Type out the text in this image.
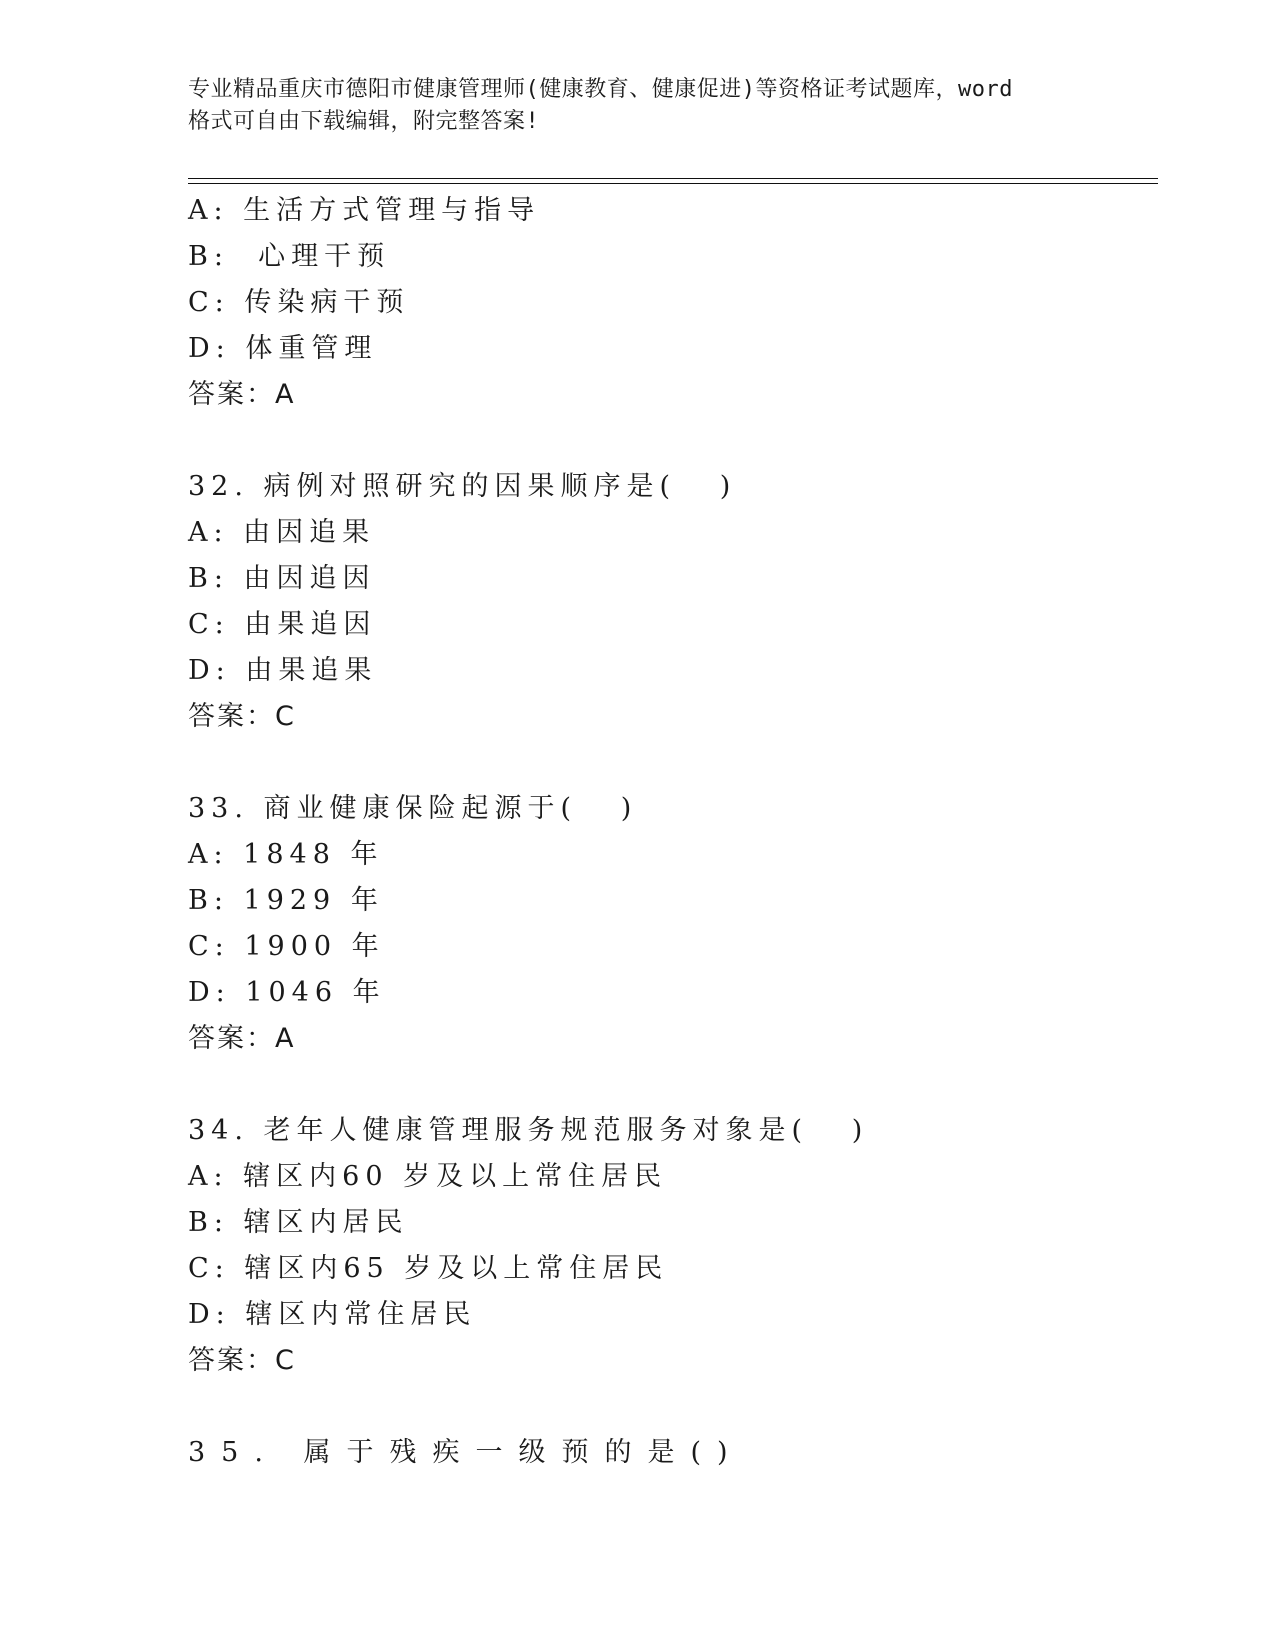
专业精品重庆市德阳市健康管理师(健康教育、健康促进)等资格证考试题库，word
格式可自由下载编辑，附完整答案!
A: 生活方式管理与指导
B:  心理干预
C: 传染病干预
D: 体重管理
答案：A
32. 病例对照研究的因果顺序是(   )
A: 由因追果
B: 由因追因
C: 由果追因
D: 由果追果
答案：C
33. 商业健康保险起源于(   )
A: 1848 年
B: 1929 年
C: 1900 年
D: 1046 年
答案：A
34. 老年人健康管理服务规范服务对象是(   )
A: 辖区内60 岁及以上常住居民
B: 辖区内居民
C: 辖区内65 岁及以上常住居民
D: 辖区内常住居民
答案：C
35. 属于残疾一级预的是()
